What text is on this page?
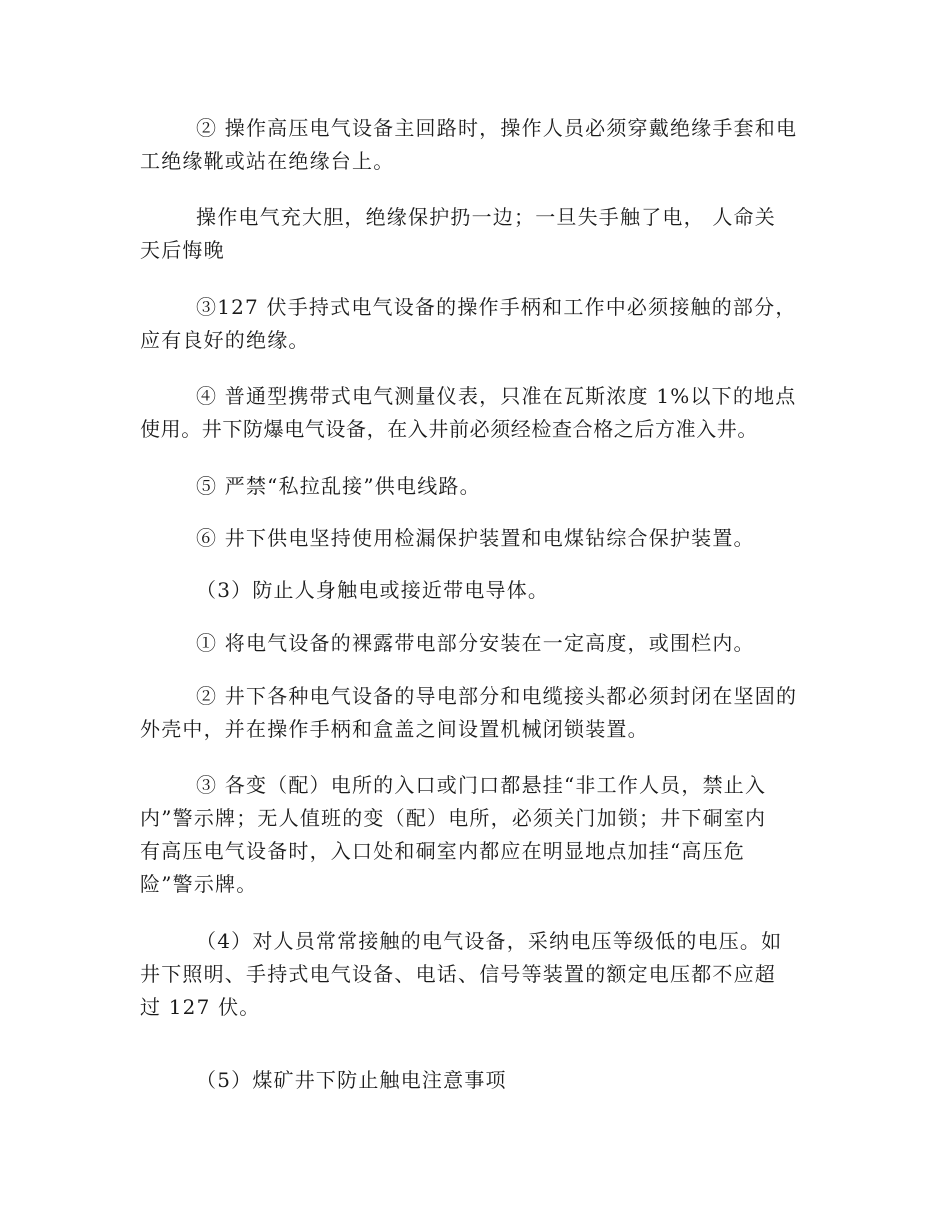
② 操作高压电气设备主回路时，操作人员必须穿戴绝缘手套和电
工绝缘靴或站在绝缘台上。
操作电气充大胆，绝缘保护扔一边；一旦失手触了电， 人命关
天后悔晚
③127 伏手持式电气设备的操作手柄和工作中必须接触的部分，
应有良好的绝缘。
④ 普通型携带式电气测量仪表，只准在瓦斯浓度 1%以下的地点
使用。井下防爆电气设备，在入井前必须经检查合格之后方准入井。
⑤ 严禁“私拉乱接”供电线路。
⑥ 井下供电坚持使用检漏保护装置和电煤钻综合保护装置。
（3）防止人身触电或接近带电导体。
① 将电气设备的裸露带电部分安装在一定高度，或围栏内。
② 井下各种电气设备的导电部分和电缆接头都必须封闭在坚固的
外壳中，并在操作手柄和盒盖之间设置机械闭锁装置。
③ 各变（配）电所的入口或门口都悬挂“非工作人员，禁止入
内”警示牌；无人值班的变（配）电所，必须关门加锁；井下硐室内
有高压电气设备时，入口处和硐室内都应在明显地点加挂“高压危
险”警示牌。
（4）对人员常常接触的电气设备，采纳电压等级低的电压。如
井下照明、手持式电气设备、电话、信号等装置的额定电压都不应超
过 127 伏。
（5）煤矿井下防止触电注意事项
